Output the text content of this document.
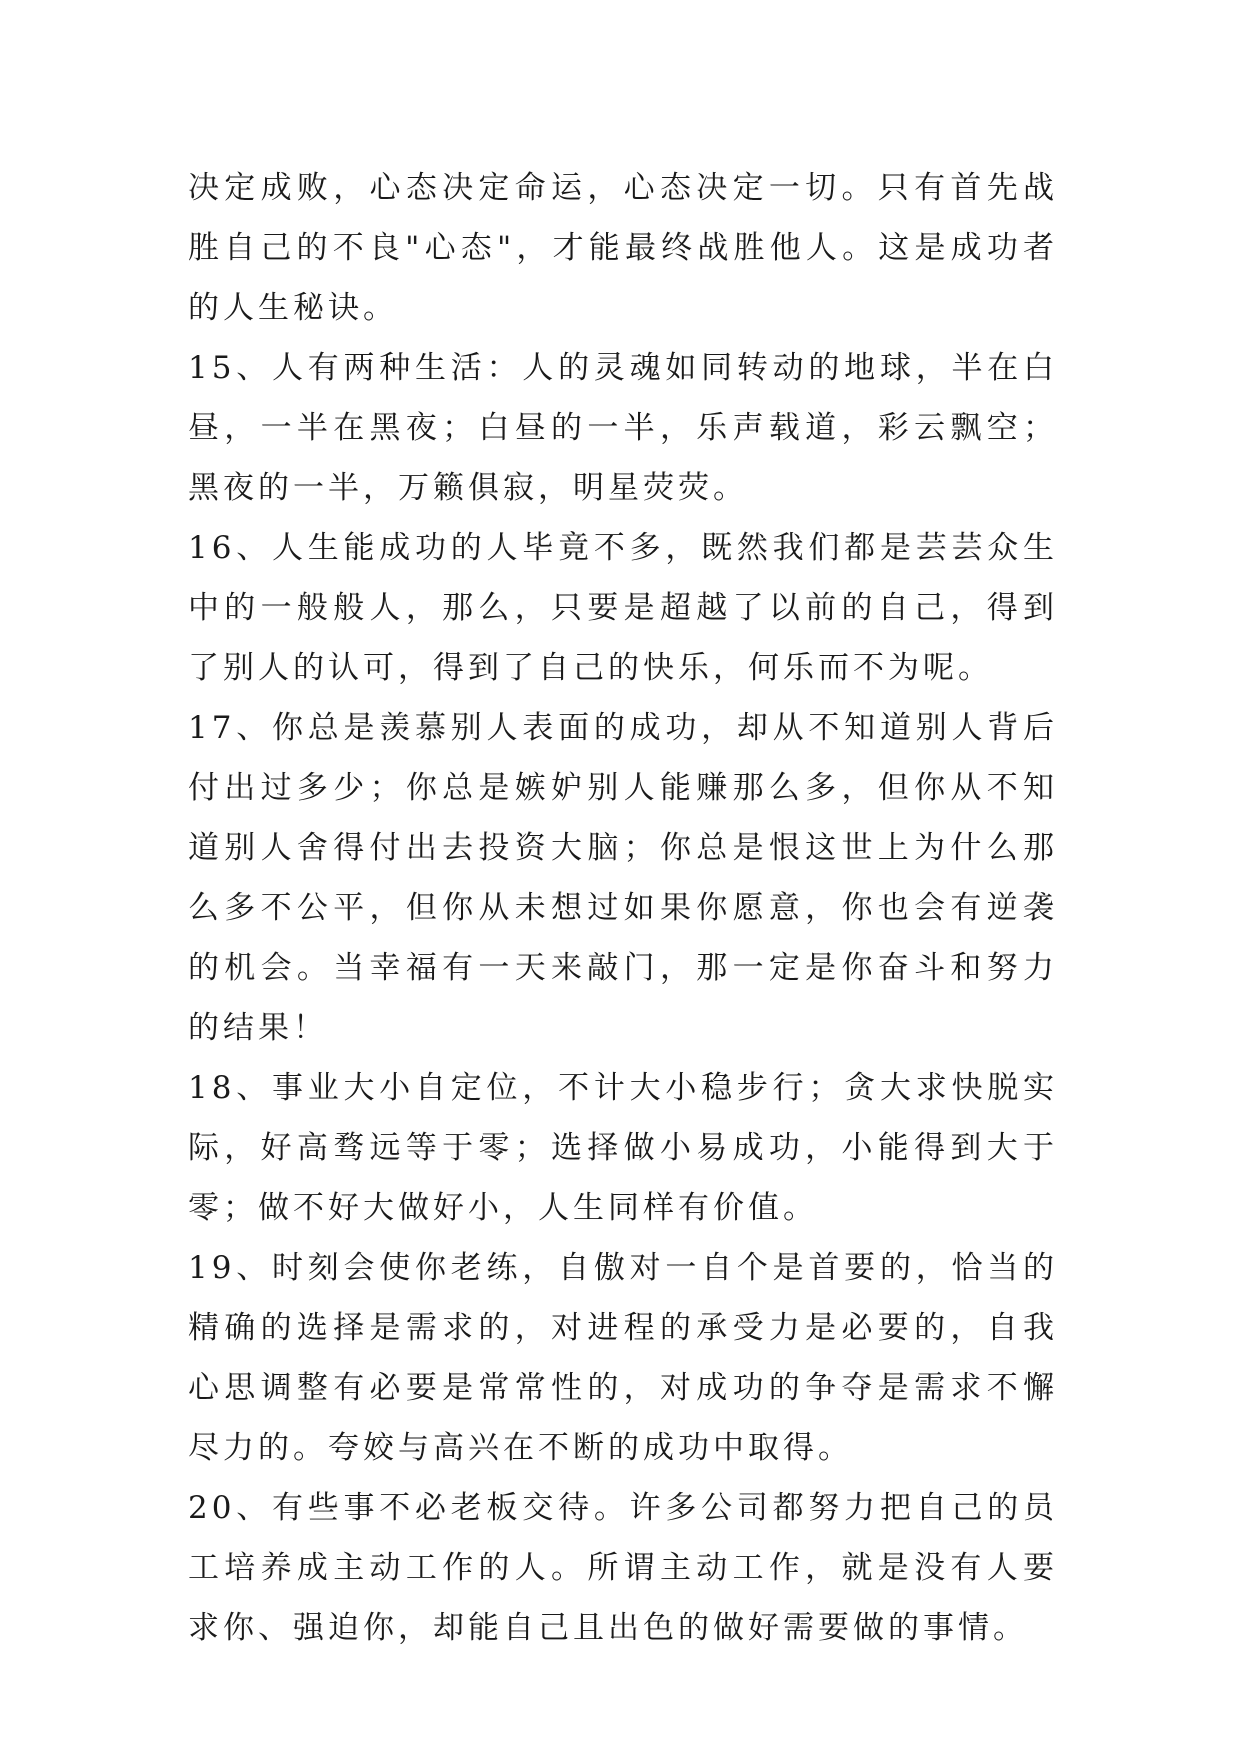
决定成败，心态决定命运，心态决定一切。只有首先战胜自己的不良"心态"，才能最终战胜他人。这是成功者的人生秘诀。

15、人有两种生活：人的灵魂如同转动的地球，半在白昼，一半在黑夜；白昼的一半，乐声载道，彩云飘空；黑夜的一半，万籁俱寂，明星荧荧。

16、人生能成功的人毕竟不多，既然我们都是芸芸众生中的一般般人，那么，只要是超越了以前的自己，得到了别人的认可，得到了自己的快乐，何乐而不为呢。

17、你总是羡慕别人表面的成功，却从不知道别人背后付出过多少；你总是嫉妒别人能赚那么多，但你从不知道别人舍得付出去投资大脑；你总是恨这世上为什么那么多不公平，但你从未想过如果你愿意，你也会有逆袭的机会。当幸福有一天来敲门，那一定是你奋斗和努力的结果！

18、事业大小自定位，不计大小稳步行；贪大求快脱实际，好高骛远等于零；选择做小易成功，小能得到大于零；做不好大做好小，人生同样有价值。

19、时刻会使你老练，自傲对一自个是首要的，恰当的精确的选择是需求的，对进程的承受力是必要的，自我心思调整有必要是常常性的，对成功的争夺是需求不懈尽力的。夸姣与高兴在不断的成功中取得。

20、有些事不必老板交待。许多公司都努力把自己的员工培养成主动工作的人。所谓主动工作，就是没有人要求你、强迫你，却能自己且出色的做好需要做的事情。
